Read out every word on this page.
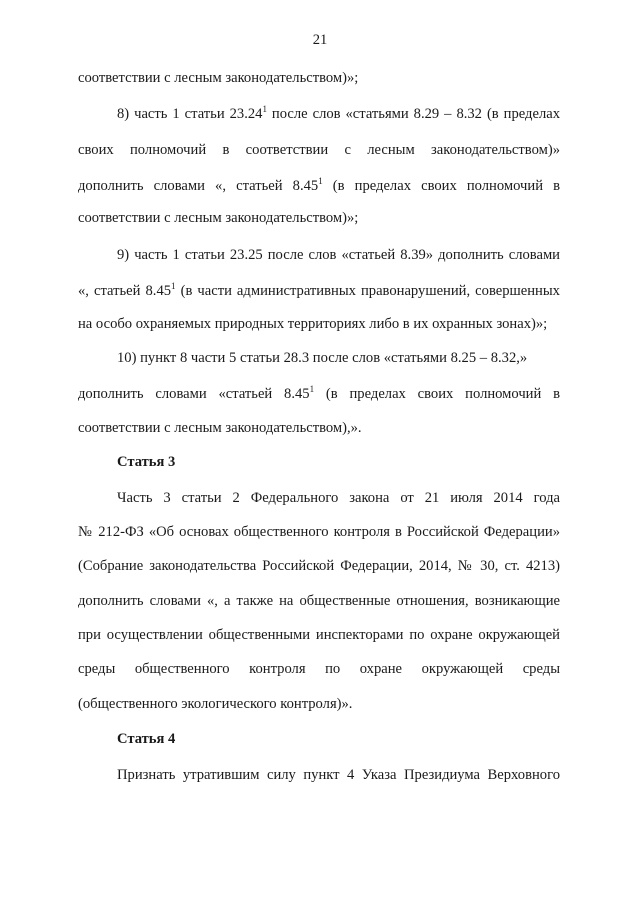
21
соответствии с лесным законодательством)»;
8) часть 1 статьи 23.24$^1$ после слов «статьями 8.29 – 8.32 (в пределах
своих полномочий в соответствии с лесным законодательством)»
дополнить словами «, статьей 8.45$^1$ (в пределах своих полномочий в
соответствии с лесным законодательством)»;
9) часть 1 статьи 23.25 после слов «статьей 8.39» дополнить словами
«, статьей 8.45$^1$ (в части административных правонарушений, совершенных
на особо охраняемых природных территориях либо в их охранных зонах)»;
10) пункт 8 части 5 статьи 28.3 после слов «статьями 8.25 – 8.32,»
дополнить словами «статьей 8.45$^1$ (в пределах своих полномочий в
соответствии с лесным законодательством),».
Статья 3
Часть 3 статьи 2 Федерального закона от 21 июля 2014 года
№ 212-ФЗ «Об основах общественного контроля в Российской Федерации»
(Собрание законодательства Российской Федерации, 2014, № 30, ст. 4213)
дополнить словами «, а также на общественные отношения, возникающие
при осуществлении общественными инспекторами по охране окружающей
среды общественного контроля по охране окружающей среды
(общественного экологического контроля)».
Статья 4
Признать утратившим силу пункт 4 Указа Президиума Верховного
